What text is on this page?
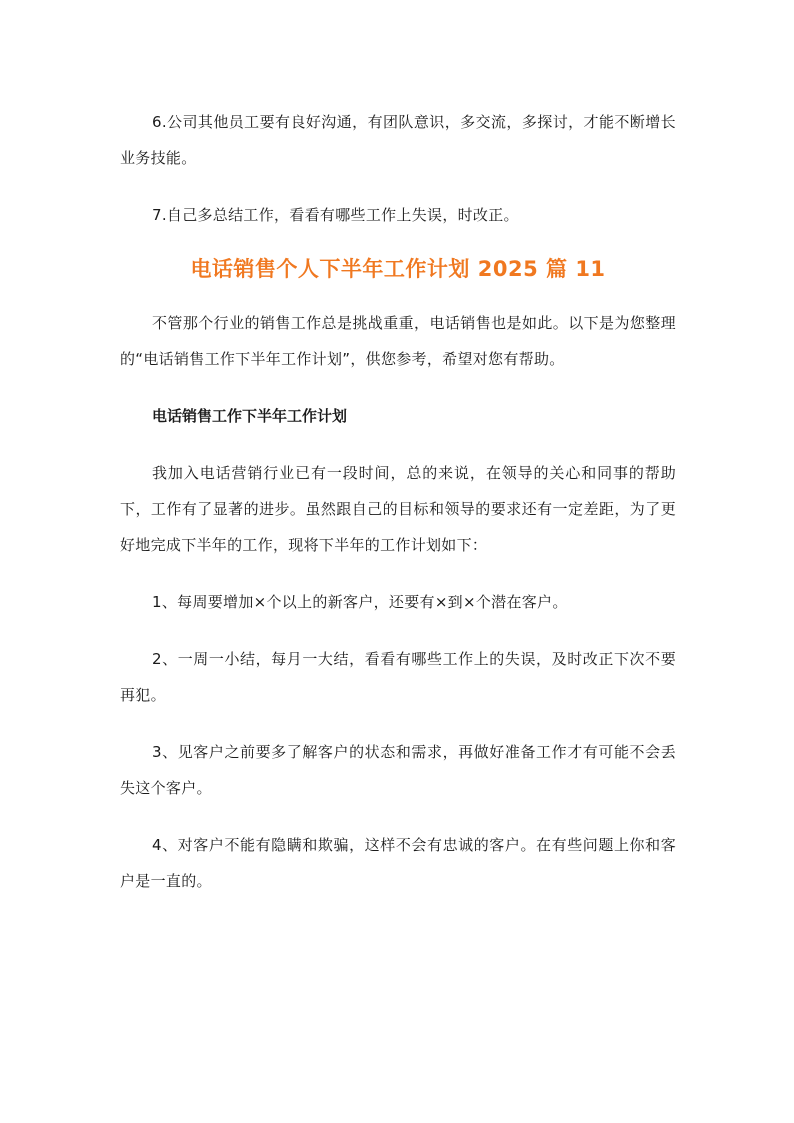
6.公司其他员工要有良好沟通，有团队意识，多交流，多探讨，才能不断增长业务技能。

7.自己多总结工作，看看有哪些工作上失误，时改正。

电话销售个人下半年工作计划 2025 篇 11

不管那个行业的销售工作总是挑战重重，电话销售也是如此。以下是为您整理的“电话销售工作下半年工作计划”，供您参考，希望对您有帮助。

电话销售工作下半年工作计划

我加入电话营销行业已有一段时间，总的来说，在领导的关心和同事的帮助下，工作有了显著的进步。虽然跟自己的目标和领导的要求还有一定差距，为了更好地完成下半年的工作，现将下半年的工作计划如下：

1、每周要增加×个以上的新客户，还要有×到×个潜在客户。

2、一周一小结，每月一大结，看看有哪些工作上的失误，及时改正下次不要再犯。

3、见客户之前要多了解客户的状态和需求，再做好准备工作才有可能不会丢失这个客户。

4、对客户不能有隐瞒和欺骗，这样不会有忠诚的客户。在有些问题上你和客户是一直的。
